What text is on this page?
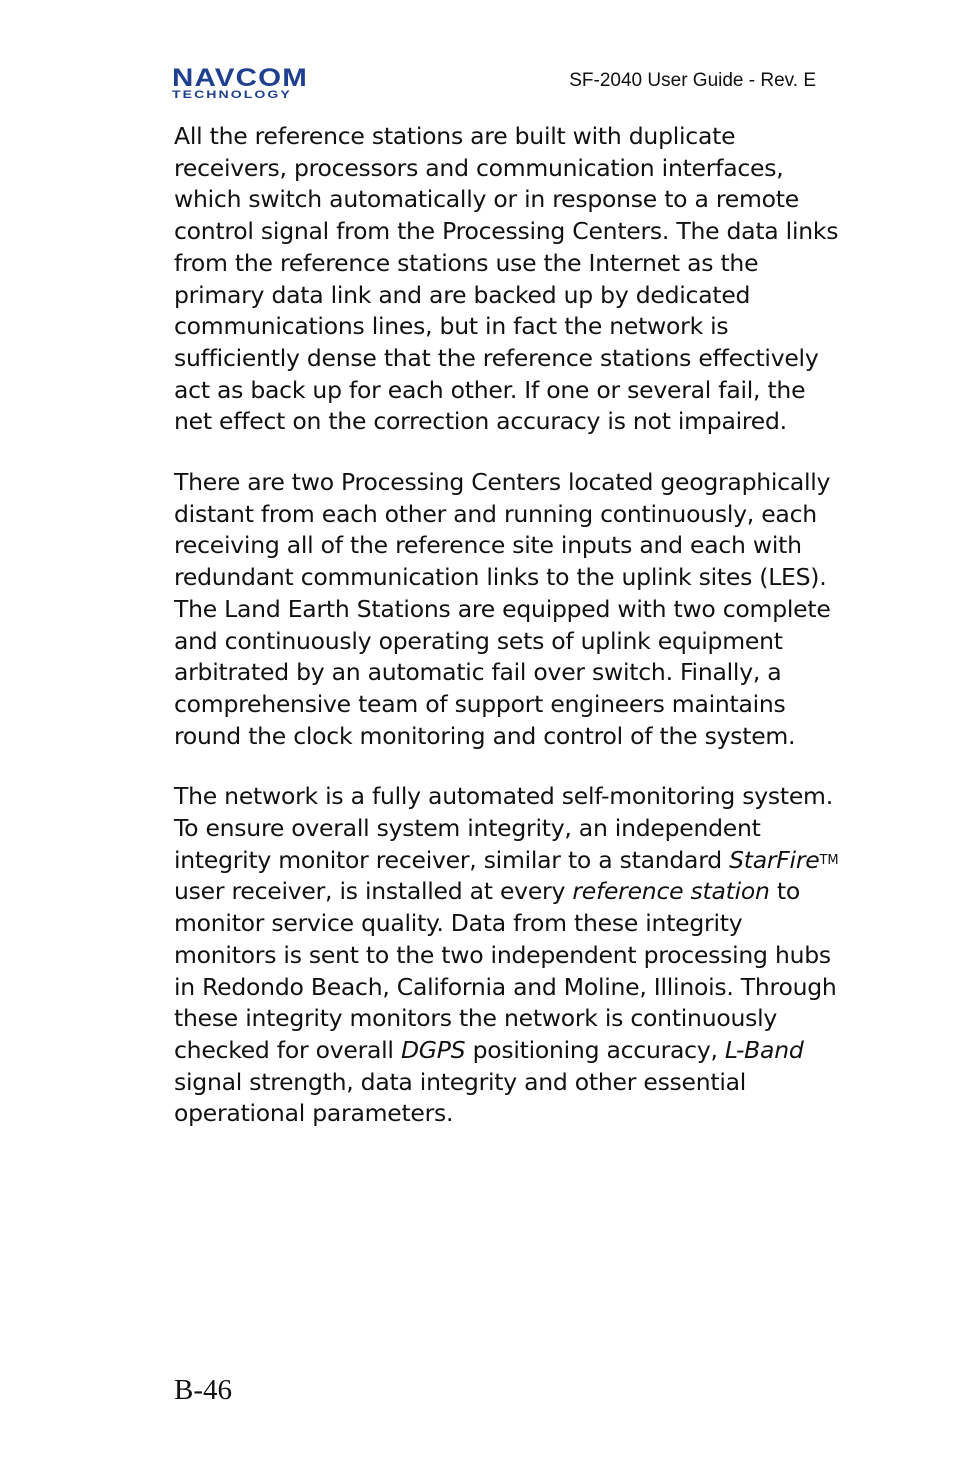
NAVCOM
TECHNOLOGY
SF-2040 User Guide - Rev. E

All the reference stations are built with duplicate receivers, processors and communication interfaces, which switch automatically or in response to a remote control signal from the Processing Centers. The data links from the reference stations use the Internet as the primary data link and are backed up by dedicated communications lines, but in fact the network is sufficiently dense that the reference stations effectively act as back up for each other. If one or several fail, the net effect on the correction accuracy is not impaired.

There are two Processing Centers located geographically distant from each other and running continuously, each receiving all of the reference site inputs and each with redundant communication links to the uplink sites (LES). The Land Earth Stations are equipped with two complete and continuously operating sets of uplink equipment arbitrated by an automatic fail over switch. Finally, a comprehensive team of support engineers maintains round the clock monitoring and control of the system.

The network is a fully automated self-monitoring system. To ensure overall system integrity, an independent integrity monitor receiver, similar to a standard StarFireTM user receiver, is installed at every reference station to monitor service quality. Data from these integrity monitors is sent to the two independent processing hubs in Redondo Beach, California and Moline, Illinois. Through these integrity monitors the network is continuously checked for overall DGPS positioning accuracy, L-Band signal strength, data integrity and other essential operational parameters.

B-46
